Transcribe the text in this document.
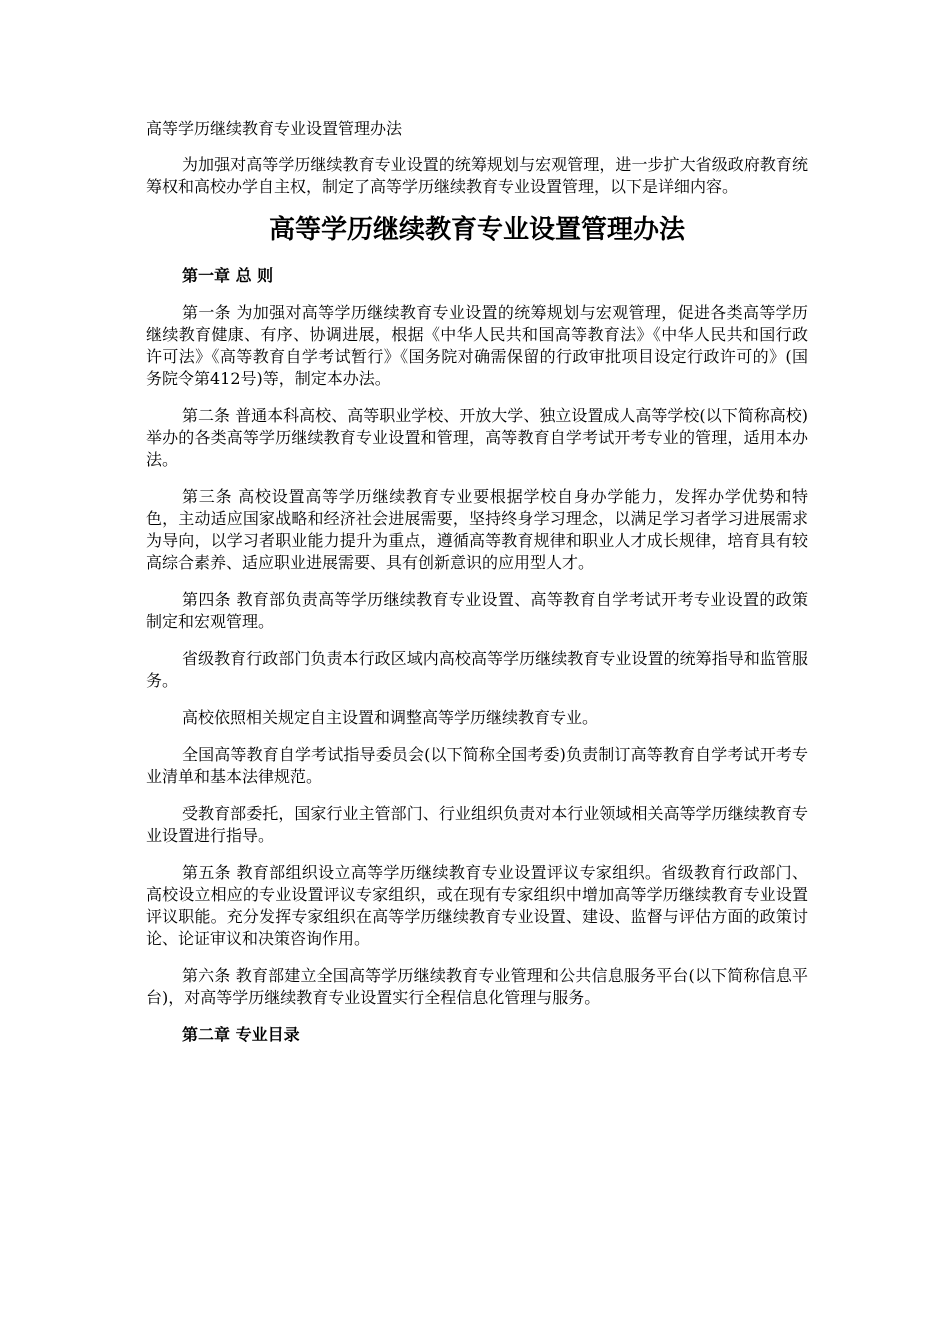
高等学历继续教育专业设置管理办法

为加强对高等学历继续教育专业设置的统筹规划与宏观管理，进一步扩大省级政府教育统筹权和高校办学自主权，制定了高等学历继续教育专业设置管理，以下是详细内容。

高等学历继续教育专业设置管理办法
第一章 总 则

第一条 为加强对高等学历继续教育专业设置的统筹规划与宏观管理，促进各类高等学历继续教育健康、有序、协调进展，根据《中华人民共和国高等教育法》《中华人民共和国行政许可法》《高等教育自学考试暂行》《国务院对确需保留的行政审批项目设定行政许可的》(国务院令第412号)等，制定本办法。

第二条 普通本科高校、高等职业学校、开放大学、独立设置成人高等学校(以下简称高校)举办的各类高等学历继续教育专业设置和管理，高等教育自学考试开考专业的管理，适用本办法。

第三条 高校设置高等学历继续教育专业要根据学校自身办学能力，发挥办学优势和特色，主动适应国家战略和经济社会进展需要，坚持终身学习理念，以满足学习者学习进展需求为导向，以学习者职业能力提升为重点，遵循高等教育规律和职业人才成长规律，培育具有较高综合素养、适应职业进展需要、具有创新意识的应用型人才。

第四条 教育部负责高等学历继续教育专业设置、高等教育自学考试开考专业设置的政策制定和宏观管理。

省级教育行政部门负责本行政区域内高校高等学历继续教育专业设置的统筹指导和监管服务。

高校依照相关规定自主设置和调整高等学历继续教育专业。

全国高等教育自学考试指导委员会(以下简称全国考委)负责制订高等教育自学考试开考专业清单和基本法律规范。

受教育部委托，国家行业主管部门、行业组织负责对本行业领域相关高等学历继续教育专业设置进行指导。

第五条 教育部组织设立高等学历继续教育专业设置评议专家组织。省级教育行政部门、高校设立相应的专业设置评议专家组织，或在现有专家组织中增加高等学历继续教育专业设置评议职能。充分发挥专家组织在高等学历继续教育专业设置、建设、监督与评估方面的政策讨论、论证审议和决策咨询作用。

第六条 教育部建立全国高等学历继续教育专业管理和公共信息服务平台(以下简称信息平台)，对高等学历继续教育专业设置实行全程信息化管理与服务。

第二章 专业目录
